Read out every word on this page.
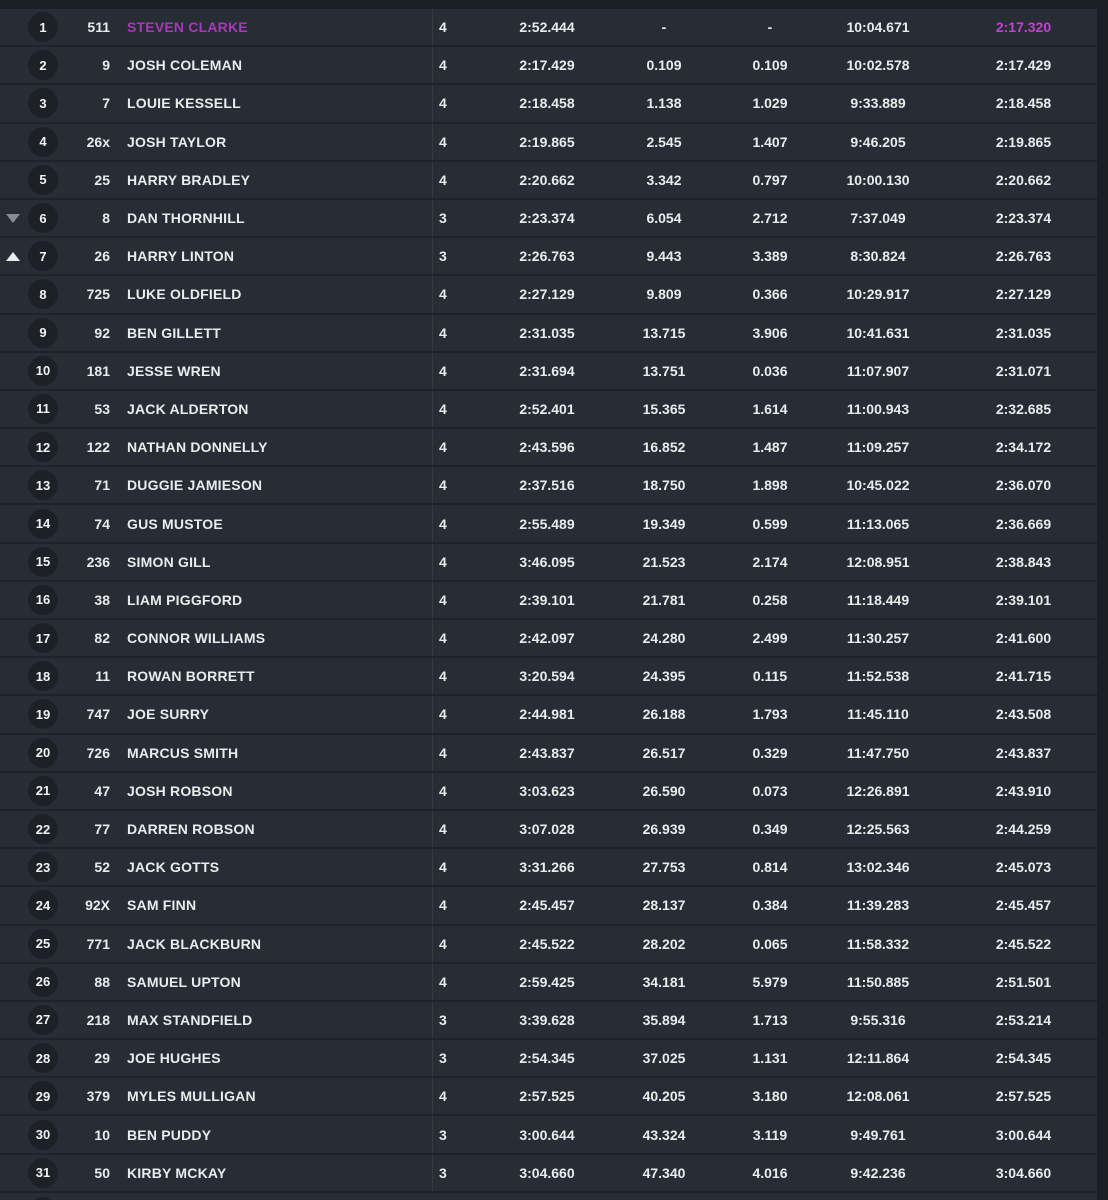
1	511	STEVEN CLARKE	4	2:52.444	-	-	10:04.671	2:17.320
2	9	JOSH COLEMAN	4	2:17.429	0.109	0.109	10:02.578	2:17.429
3	7	LOUIE KESSELL	4	2:18.458	1.138	1.029	9:33.889	2:18.458
4	26x	JOSH TAYLOR	4	2:19.865	2.545	1.407	9:46.205	2:19.865
5	25	HARRY BRADLEY	4	2:20.662	3.342	0.797	10:00.130	2:20.662
6	8	DAN THORNHILL	3	2:23.374	6.054	2.712	7:37.049	2:23.374
7	26	HARRY LINTON	3	2:26.763	9.443	3.389	8:30.824	2:26.763
8	725	LUKE OLDFIELD	4	2:27.129	9.809	0.366	10:29.917	2:27.129
9	92	BEN GILLETT	4	2:31.035	13.715	3.906	10:41.631	2:31.035
10	181	JESSE WREN	4	2:31.694	13.751	0.036	11:07.907	2:31.071
11	53	JACK ALDERTON	4	2:52.401	15.365	1.614	11:00.943	2:32.685
12	122	NATHAN DONNELLY	4	2:43.596	16.852	1.487	11:09.257	2:34.172
13	71	DUGGIE JAMIESON	4	2:37.516	18.750	1.898	10:45.022	2:36.070
14	74	GUS MUSTOE	4	2:55.489	19.349	0.599	11:13.065	2:36.669
15	236	SIMON GILL	4	3:46.095	21.523	2.174	12:08.951	2:38.843
16	38	LIAM PIGGFORD	4	2:39.101	21.781	0.258	11:18.449	2:39.101
17	82	CONNOR WILLIAMS	4	2:42.097	24.280	2.499	11:30.257	2:41.600
18	11	ROWAN BORRETT	4	3:20.594	24.395	0.115	11:52.538	2:41.715
19	747	JOE SURRY	4	2:44.981	26.188	1.793	11:45.110	2:43.508
20	726	MARCUS SMITH	4	2:43.837	26.517	0.329	11:47.750	2:43.837
21	47	JOSH ROBSON	4	3:03.623	26.590	0.073	12:26.891	2:43.910
22	77	DARREN ROBSON	4	3:07.028	26.939	0.349	12:25.563	2:44.259
23	52	JACK GOTTS	4	3:31.266	27.753	0.814	13:02.346	2:45.073
24	92X	SAM FINN	4	2:45.457	28.137	0.384	11:39.283	2:45.457
25	771	JACK BLACKBURN	4	2:45.522	28.202	0.065	11:58.332	2:45.522
26	88	SAMUEL UPTON	4	2:59.425	34.181	5.979	11:50.885	2:51.501
27	218	MAX STANDFIELD	3	3:39.628	35.894	1.713	9:55.316	2:53.214
28	29	JOE HUGHES	3	2:54.345	37.025	1.131	12:11.864	2:54.345
29	379	MYLES MULLIGAN	4	2:57.525	40.205	3.180	12:08.061	2:57.525
30	10	BEN PUDDY	3	3:00.644	43.324	3.119	9:49.761	3:00.644
31	50	KIRBY MCKAY	3	3:04.660	47.340	4.016	9:42.236	3:04.660
